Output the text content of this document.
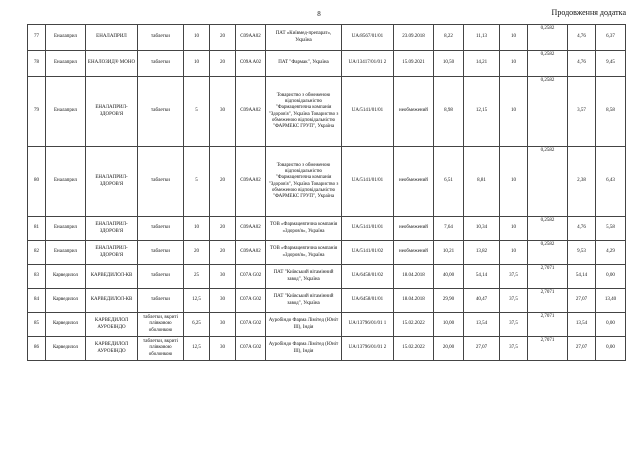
8	Продовження додатка
77	Еналаприл	ЕНАЛАПРИЛ	таблетки	10	20	C09AA02	ПАТ «Київмед-препарат», Україна	UA/8567/01/01	23.09.2018	8,22	11,13	10	0,2582	4,76	6,37
78	Еналаприл	ЕНАЛОЗИД® МОНО	таблетки	10	20	C09A A02	ПАТ "Фармак", Україна	UA/13417/01/01 2	15.09.2021	10,50	14,21	10	0,2582	4,76	9,45
79	Еналаприл	ЕНАЛАПРИЛ-ЗДОРОВ'Я	таблетки	5	30	C09AA02	Товариство з обмеженою відповідальністю "Фармацевтична компанія "Здоров'я", Україна Товариство з обмеженою відповідальністю "ФАРМЕКС ГРУП", Україна	UA/5141/01/01	необмежений	8,98	12,15	10	0,2582	3,57	8,58
80	Еналаприл	ЕНАЛАПРИЛ-ЗДОРОВ'Я	таблетки	5	20	C09AA02	Товариство з обмеженою відповідальністю "Фармацевтична компанія "Здоров'я", Україна Товариство з обмеженою відповідальністю "ФАРМЕКС ГРУП", Україна	UA/5141/01/01	необмежений	6,51	8,81	10	0,2582	2,38	6,43
81	Еналаприл	ЕНАЛАПРИЛ-ЗДОРОВ'Я	таблетки	10	20	C09AA02	ТОВ «Фармацевтична компанія «Здоров'я», Україна	UA/5141/01/01	необмежений	7,64	10,34	10	0,2582	4,76	5,58
82	Еналаприл	ЕНАЛАПРИЛ-ЗДОРОВ'Я	таблетки	20	20	C09AA02	ТОВ «Фармацевтична компанія «Здоров'я», Україна	UA/5141/01/02	необмежений	10,21	13,82	10	0,2582	9,53	4,29
83	Карведилол	КАРВЕДИЛОЛ-КВ	таблетки	25	30	C07A G02	ПАТ "Київський вітамінний завод", Україна	UA/6458/01/02	18.04.2018	40,00	54,14	37,5	2,7071	54,14	0,00
84	Карведилол	КАРВЕДИЛОЛ-КВ	таблетки	12,5	30	C07A G02	ПАТ "Київський вітамінний завод", Україна	UA/6458/01/01	18.04.2018	29,90	40,47	37,5	2,7071	27,07	13,40
85	Карведилол	КАРВЕДИЛОЛ АУРОБІНДО	таблетки, вкриті плівковою оболонкою	6,25	30	C07A G02	Ауробіндо Фарма Лімітед (Юніт III), Індія	UA/13796/01/01 1	15.02.2022	10,00	13,54	37,5	2,7071	13,54	0,00
86	Карведилол	КАРВЕДИЛОЛ АУРОБІНДО	таблетки, вкриті плівковою оболонкою	12,5	30	C07A G02	Ауробіндо Фарма Лімітед (Юніт III), Індія	UA/13796/01/01 2	15.02.2022	20,00	27,07	37,5	2,7071	27,07	0,00
